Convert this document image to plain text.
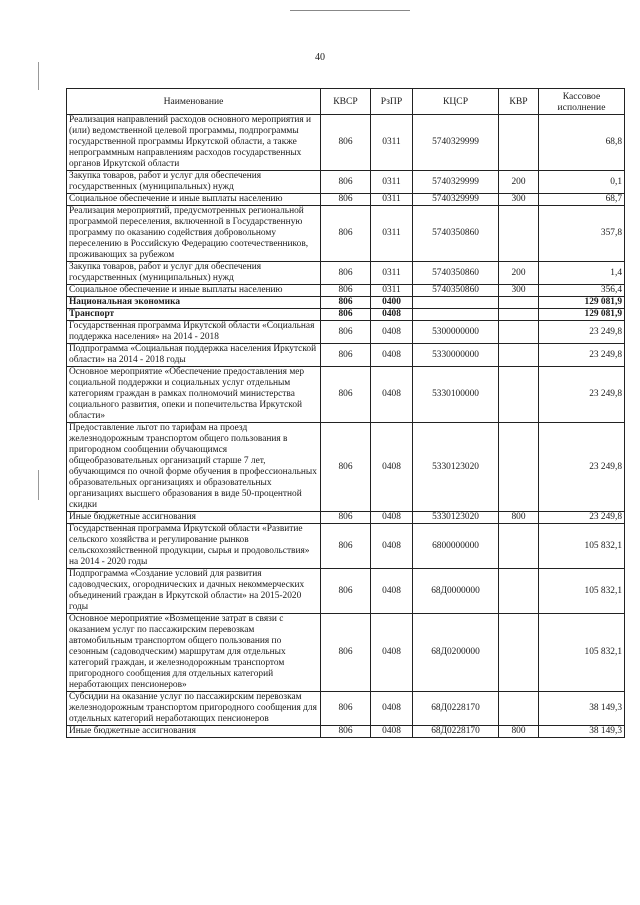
40
Наименование	КВСР	РзПР	КЦСР	КВР	Кассовое исполнение
Реализация направлений расходов основного мероприятия и (или) ведомственной целевой программы, подпрограммы государственной программы Иркутской области, а также непрограммным направлениям расходов государственных органов Иркутской области	806	0311	5740329999		68,8
Закупка товаров, работ и услуг для обеспечения государственных (муниципальных) нужд	806	0311	5740329999	200	0,1
Социальное обеспечение и иные выплаты населению	806	0311	5740329999	300	68,7
Реализация мероприятий, предусмотренных региональной программой переселения, включенной в Государственную программу по оказанию содействия добровольному переселению в Российскую Федерацию соотечественников, проживающих за рубежом	806	0311	5740350860		357,8
Закупка товаров, работ и услуг для обеспечения государственных (муниципальных) нужд	806	0311	5740350860	200	1,4
Социальное обеспечение и иные выплаты населению	806	0311	5740350860	300	356,4
Национальная экономика	806	0400			129 081,9
Транспорт	806	0408			129 081,9
Государственная программа Иркутской области «Социальная поддержка населения» на 2014 - 2018	806	0408	5300000000		23 249,8
Подпрограмма «Социальная поддержка населения Иркутской области» на 2014 - 2018 годы	806	0408	5330000000		23 249,8
Основное мероприятие «Обеспечение предоставления мер социальной поддержки и социальных услуг отдельным категориям граждан в рамках полномочий министерства социального развития, опеки и попечительства Иркутской области»	806	0408	5330100000		23 249,8
Предоставление льгот по тарифам на проезд железнодорожным транспортом общего пользования в пригородном сообщении обучающимся общеобразовательных организаций старше 7 лет, обучающимся по очной форме обучения в профессиональных образовательных организациях и образовательных организациях высшего образования в виде 50-процентной скидки	806	0408	5330123020		23 249,8
Иные бюджетные ассигнования	806	0408	5330123020	800	23 249,8
Государственная программа Иркутской области «Развитие сельского хозяйства и регулирование рынков сельскохозяйственной продукции, сырья и продовольствия» на 2014 - 2020 годы	806	0408	6800000000		105 832,1
Подпрограмма «Создание условий для развития садоводческих, огороднических и дачных некоммерческих объединений граждан в Иркутской области» на 2015-2020 годы	806	0408	68Д0000000		105 832,1
Основное мероприятие «Возмещение затрат в связи с оказанием услуг по пассажирским перевозкам автомобильным транспортом общего пользования по сезонным (садоводческим) маршрутам для отдельных категорий граждан, и железнодорожным транспортом пригородного сообщения для отдельных категорий неработающих пенсионеров»	806	0408	68Д0200000		105 832,1
Субсидии на оказание услуг по пассажирским перевозкам железнодорожным транспортом пригородного сообщения для отдельных категорий неработающих пенсионеров	806	0408	68Д0228170		38 149,3
Иные бюджетные ассигнования	806	0408	68Д0228170	800	38 149,3
